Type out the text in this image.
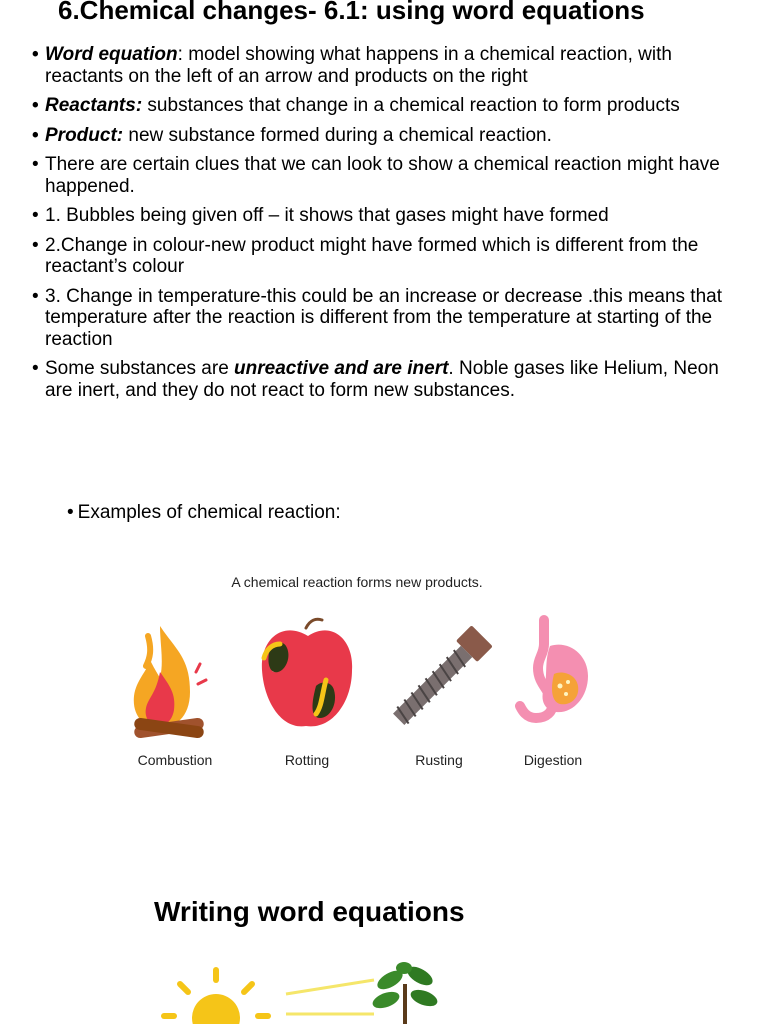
6.Chemical changes- 6.1: using word equations
• Word equation: model showing what happens in a chemical reaction, with reactants on the left of an arrow and products on the right
• Reactants: substances that change in a chemical reaction to form products
• Product: new substance formed during a chemical reaction.
• There are certain clues that we can look to show a chemical reaction might have happened.
• 1. Bubbles being given off – it shows that gases might have formed
• 2.Change in colour-new product might have formed which is different from the reactant’s colour
• 3. Change in temperature-this could be an increase or decrease .this means that temperature after the reaction is different from the temperature at starting of the reaction
• Some substances are unreactive and are inert. Noble gases like Helium, Neon are inert, and they do not react to form new substances.

• Examples of chemical reaction:

A chemical reaction forms new products.

Combustion	Rotting	Rusting	Digestion
Writing word equations
